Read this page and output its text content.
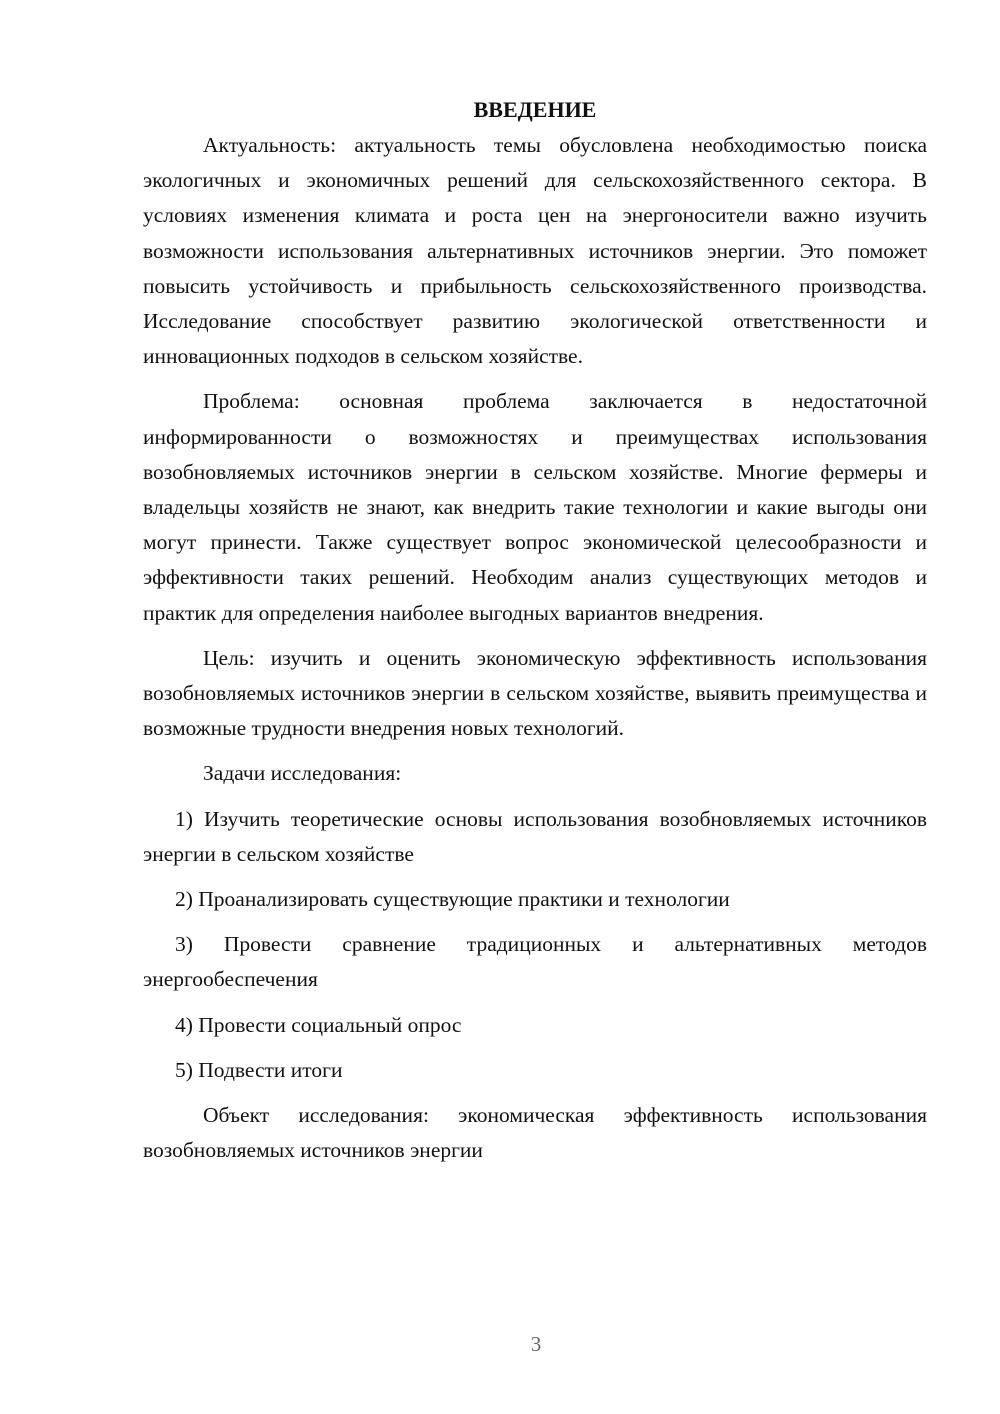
ВВЕДЕНИЕ

Актуальность: актуальность темы обусловлена необходимостью поиска экологичных и экономичных решений для сельскохозяйственного сектора. В условиях изменения климата и роста цен на энергоносители важно изучить возможности использования альтернативных источников энергии. Это поможет повысить устойчивость и прибыльность сельскохозяйственного производства. Исследование способствует развитию экологической ответственности и инновационных подходов в сельском хозяйстве.

Проблема: основная проблема заключается в недостаточной информированности о возможностях и преимуществах использования возобновляемых источников энергии в сельском хозяйстве. Многие фермеры и владельцы хозяйств не знают, как внедрить такие технологии и какие выгоды они могут принести. Также существует вопрос экономической целесообразности и эффективности таких решений. Необходим анализ существующих методов и практик для определения наиболее выгодных вариантов внедрения.

Цель: изучить и оценить экономическую эффективность использования возобновляемых источников энергии в сельском хозяйстве, выявить преимущества и возможные трудности внедрения новых технологий.

Задачи исследования:

1) Изучить теоретические основы использования возобновляемых источников энергии в сельском хозяйстве

2) Проанализировать существующие практики и технологии

3) Провести сравнение традиционных и альтернативных методов энергообеспечения

4) Провести социальный опрос

5) Подвести итоги

Объект исследования: экономическая эффективность использования возобновляемых источников энергии

3
